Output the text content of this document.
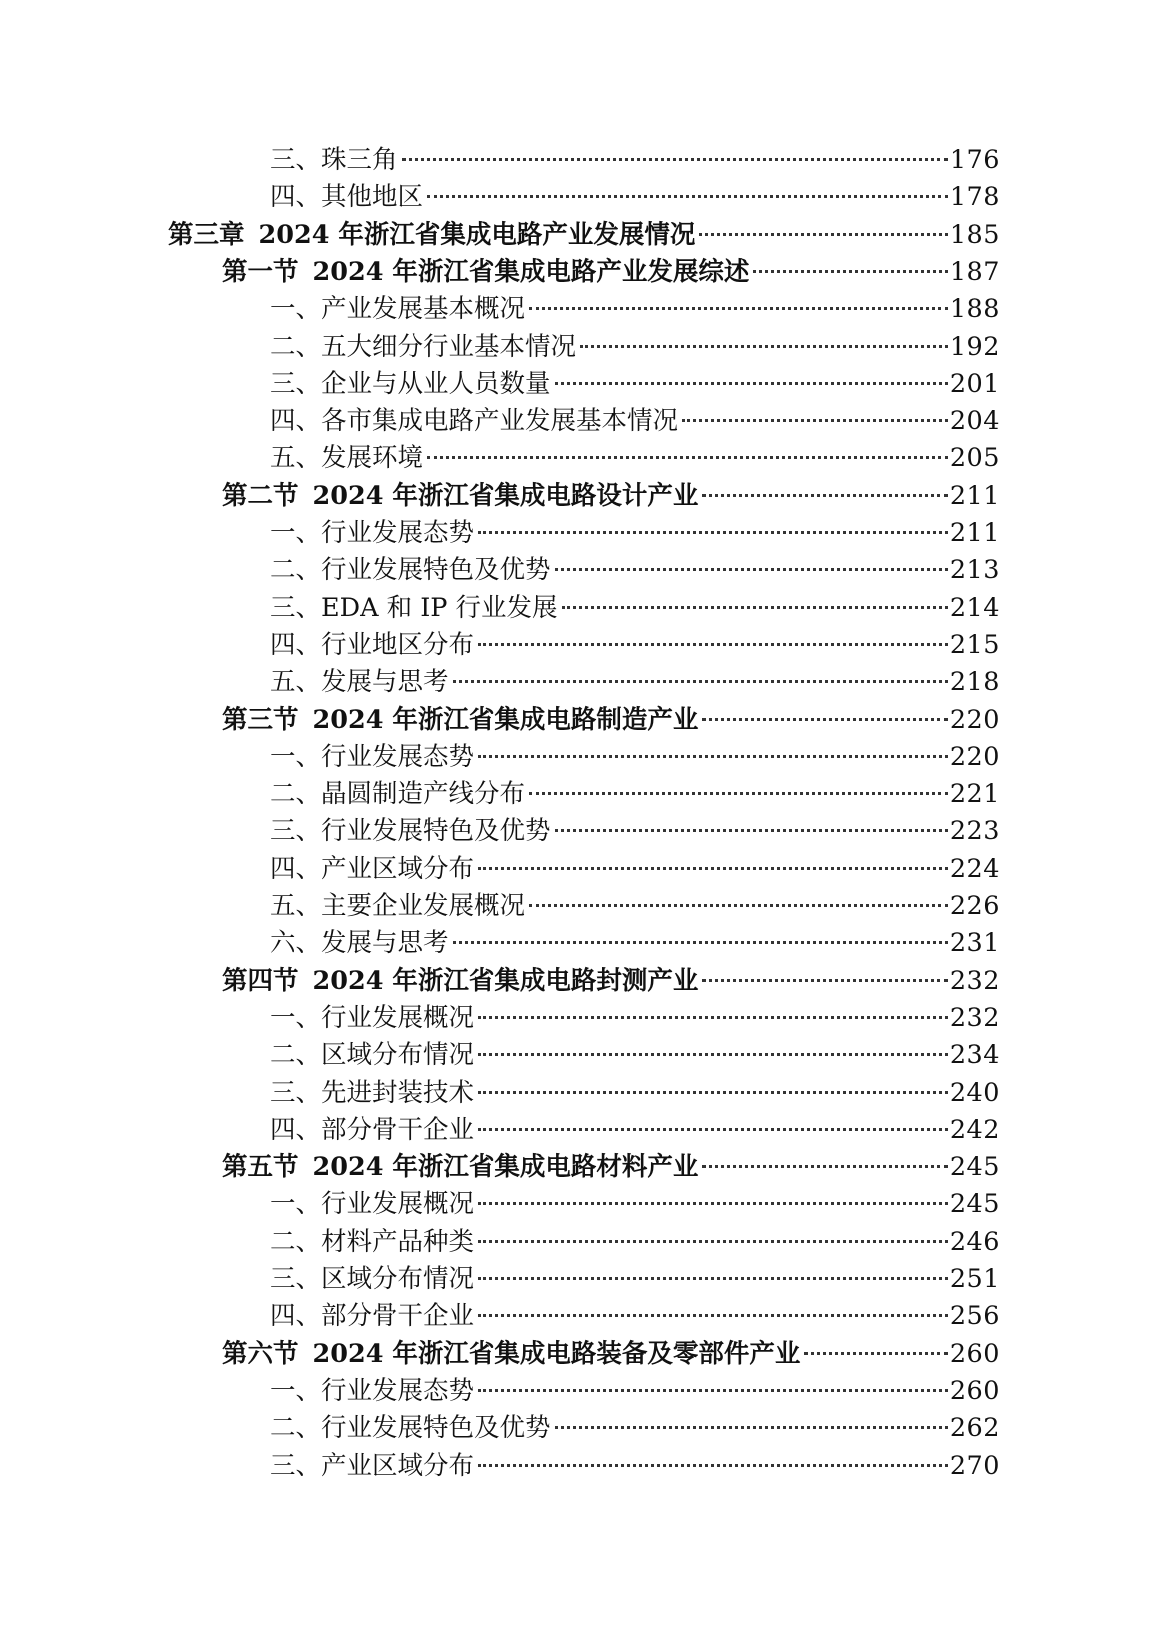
三、 珠三角	176
四、 其他地区	178
第三章 2024 年浙江省集成电路产业发展情况	185
第一节 2024 年浙江省集成电路产业发展综述	187
一、 产业发展基本概况	188
二、 五大细分行业基本情况	192
三、 企业与从业人员数量	201
四、 各市集成电路产业发展基本情况	204
五、 发展环境	205
第二节 2024 年浙江省集成电路设计产业	211
一、 行业发展态势	211
二、 行业发展特色及优势	213
三、 EDA 和 IP 行业发展	214
四、 行业地区分布	215
五、 发展与思考	218
第三节 2024 年浙江省集成电路制造产业	220
一、 行业发展态势	220
二、 晶圆制造产线分布	221
三、 行业发展特色及优势	223
四、 产业区域分布	224
五、 主要企业发展概况	226
六、 发展与思考	231
第四节 2024 年浙江省集成电路封测产业	232
一、 行业发展概况	232
二、 区域分布情况	234
三、 先进封装技术	240
四、 部分骨干企业	242
第五节 2024 年浙江省集成电路材料产业	245
一、 行业发展概况	245
二、 材料产品种类	246
三、 区域分布情况	251
四、 部分骨干企业	256
第六节 2024 年浙江省集成电路装备及零部件产业	260
一、 行业发展态势	260
二、 行业发展特色及优势	262
三、 产业区域分布	270
